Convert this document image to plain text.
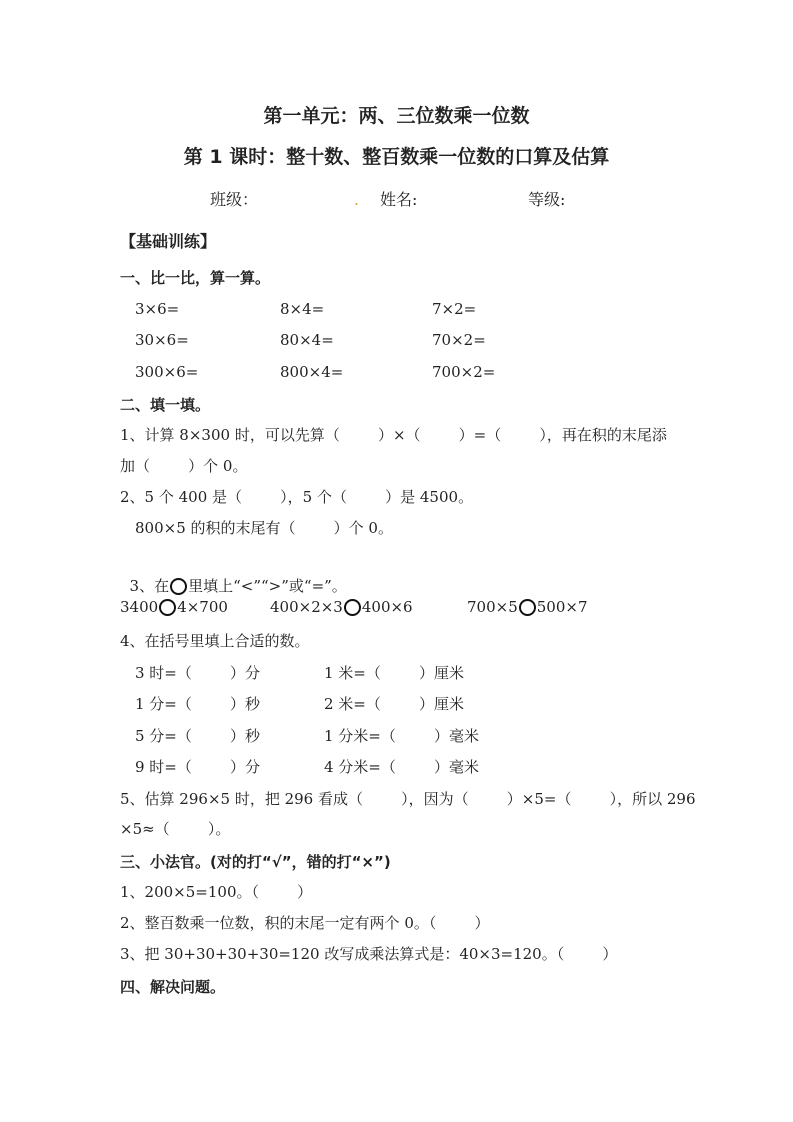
第一单元：两、三位数乘一位数
第 1 课时：整十数、整百数乘一位数的口算及估算
班级：	. 姓名:	等级:
【基础训练】
一、比一比，算一算。
3×6=	8×4=	7×2=
30×6=	80×4=	70×2=
300×6=	800×4=	700×2=
二、填一填。
1、计算 8×300 时，可以先算（        ）×（        ）=（        ），再在积的末尾添
加（        ）个 0。
2、5 个 400 是（        ），5 个（        ）是 4500。
800×5 的积的末尾有（        ）个 0。

3、在 里填上“<”“>”或“=”。

3400 4×700	400×2×3 400×6	700×5 500×7
4、在括号里填上合适的数。
3 时=（        ）分	1 米=（        ）厘米
1 分=（        ）秒	2 米=（        ）厘米
5 分=（        ）秒	1 分米=（        ）毫米
9 时=（        ）分	4 分米=（        ）毫米
5、估算 296×5 时，把 296 看成（        ），因为（        ）×5=（        ），所以 296
×5≈（        ）。
三、小法官。(对的打“√”，错的打“×”)
1、200×5=100。（        ）
2、整百数乘一位数，积的末尾一定有两个 0。（        ）
3、把 30+30+30+30=120 改写成乘法算式是：40×3=120。（        ）
四、解决问题。
